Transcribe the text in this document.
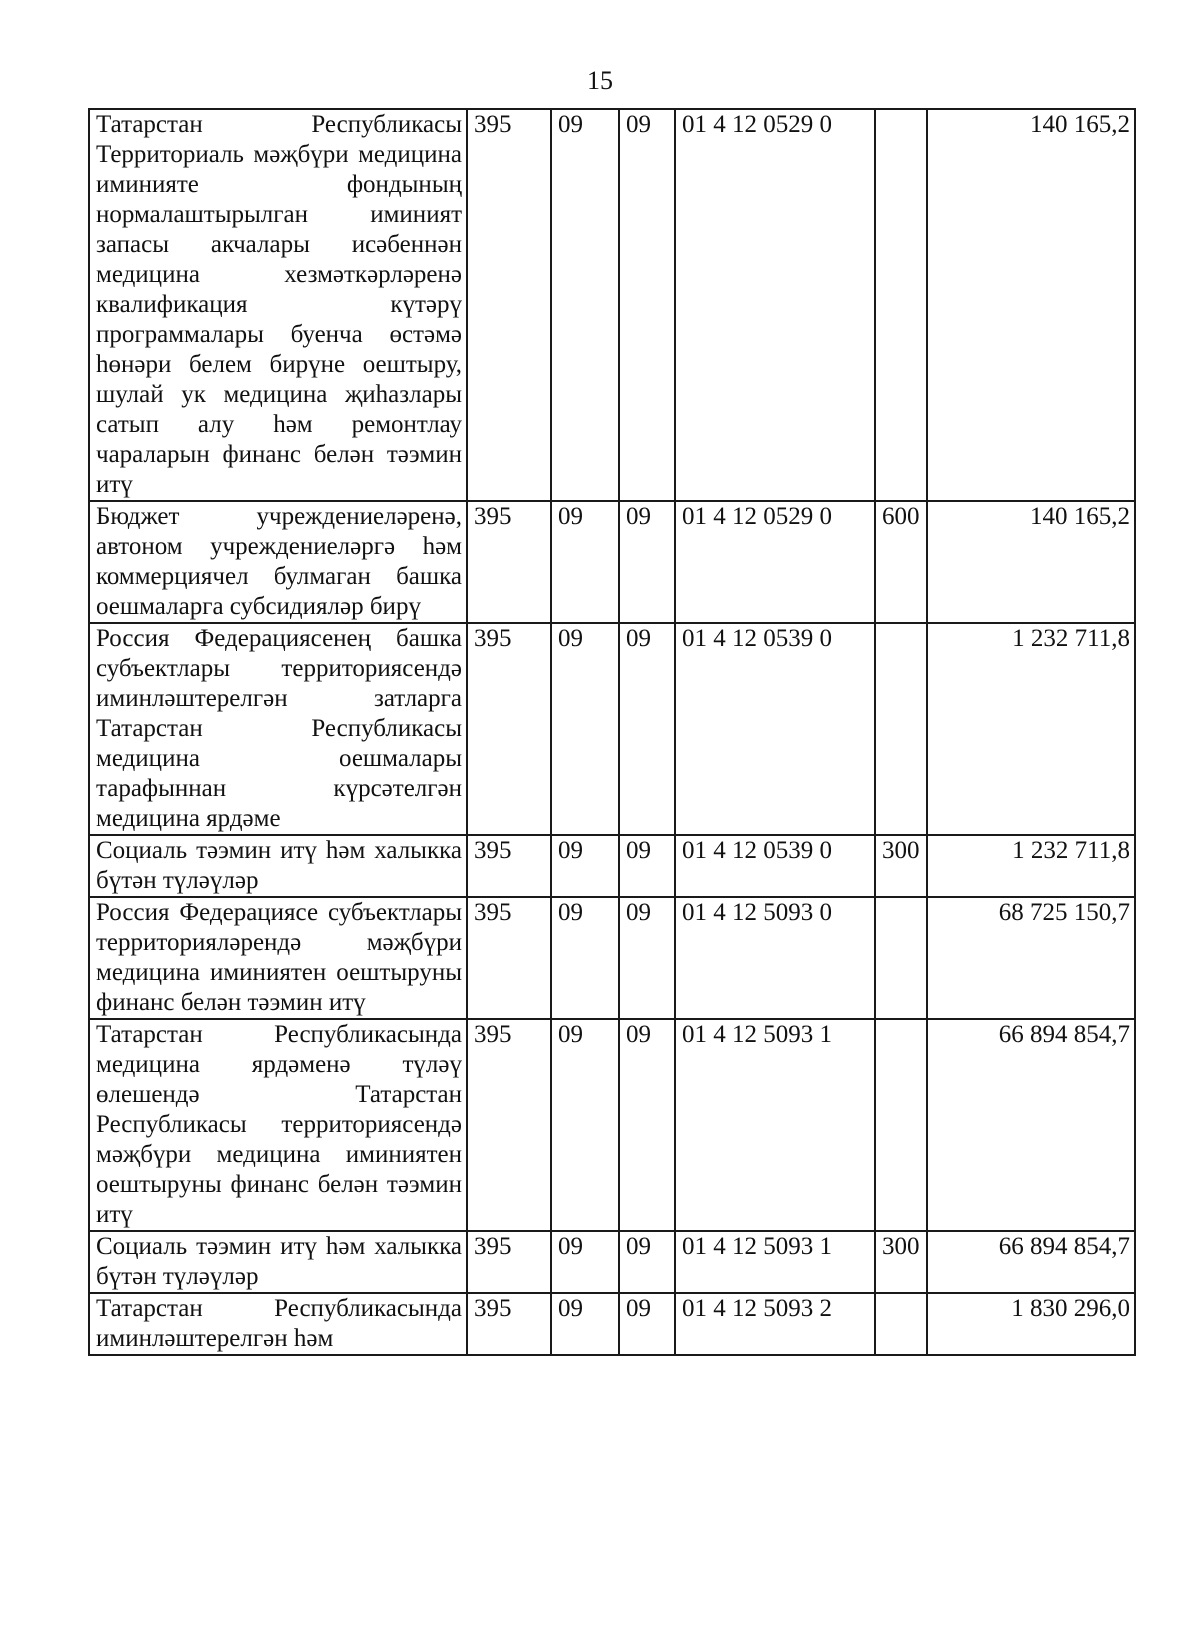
15
Татарстан Республикасы Территориаль мәҗбүри медицина иминияте фондының нормалаштырылган иминият запасы акчалары исәбеннән медицина хезмәткәрләренә квалификация күтәрү программалары буенча өстәмә һөнәри белем бирүне оештыру, шулай ук медицина җиһазлары сатып алу һәм ремонтлау чараларын финанс белән тәэмин итү	395	09	09	01 4 12 0529 0		140 165,2
Бюджет учреждениеләренә, автоном учреждениеләргә һәм коммерциячел булмаган башка оешмаларга субсидияләр бирү	395	09	09	01 4 12 0529 0	600	140 165,2
Россия Федерациясенең башка субъектлары территориясендә иминләштерелгән затларга Татарстан Республикасы медицина оешмалары тарафыннан күрсәтелгән медицина ярдәме	395	09	09	01 4 12 0539 0		1 232 711,8
Социаль тәэмин итү һәм халыкка бүтән түләүләр	395	09	09	01 4 12 0539 0	300	1 232 711,8
Россия Федерациясе субъектлары территорияләрендә мәҗбүри медицина иминиятен оештыруны финанс белән тәэмин итү	395	09	09	01 4 12 5093 0		68 725 150,7
Татарстан Республикасында медицина ярдәменә түләү өлешендә Татарстан Республикасы территориясендә мәҗбүри медицина иминиятен оештыруны финанс белән тәэмин итү	395	09	09	01 4 12 5093 1		66 894 854,7
Социаль тәэмин итү һәм халыкка бүтән түләүләр	395	09	09	01 4 12 5093 1	300	66 894 854,7
Татарстан Республикасында иминләштерелгән һәм	395	09	09	01 4 12 5093 2		1 830 296,0
